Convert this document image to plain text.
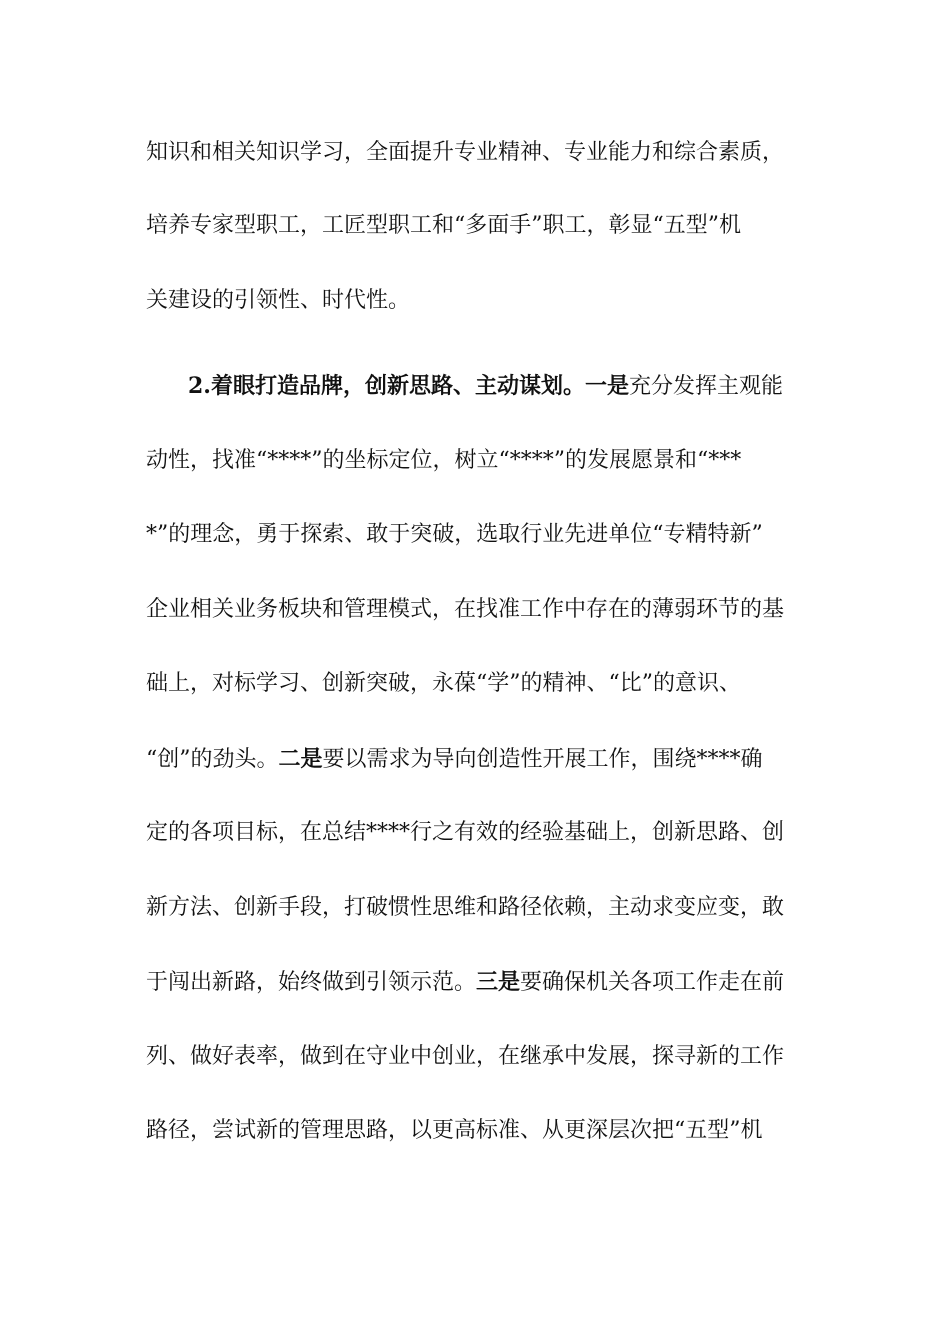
知识和相关知识学习，全面提升专业精神、专业能力和综合素质，
培养专家型职工，工匠型职工和“多面手”职工，彰显“五型”机
关建设的引领性、时代性。
2.着眼打造品牌，创新思路、主动谋划。一是充分发挥主观能
动性，找准“****”的坐标定位，树立“****”的发展愿景和“***
*”的理念，勇于探索、敢于突破，选取行业先进单位“专精特新”
企业相关业务板块和管理模式，在找准工作中存在的薄弱环节的基
础上，对标学习、创新突破，永葆“学”的精神、“比”的意识、
“创”的劲头。二是要以需求为导向创造性开展工作，围绕****确
定的各项目标，在总结****行之有效的经验基础上，创新思路、创
新方法、创新手段，打破惯性思维和路径依赖，主动求变应变，敢
于闯出新路，始终做到引领示范。三是要确保机关各项工作走在前
列、做好表率，做到在守业中创业，在继承中发展，探寻新的工作
路径，尝试新的管理思路，以更高标准、从更深层次把“五型”机
